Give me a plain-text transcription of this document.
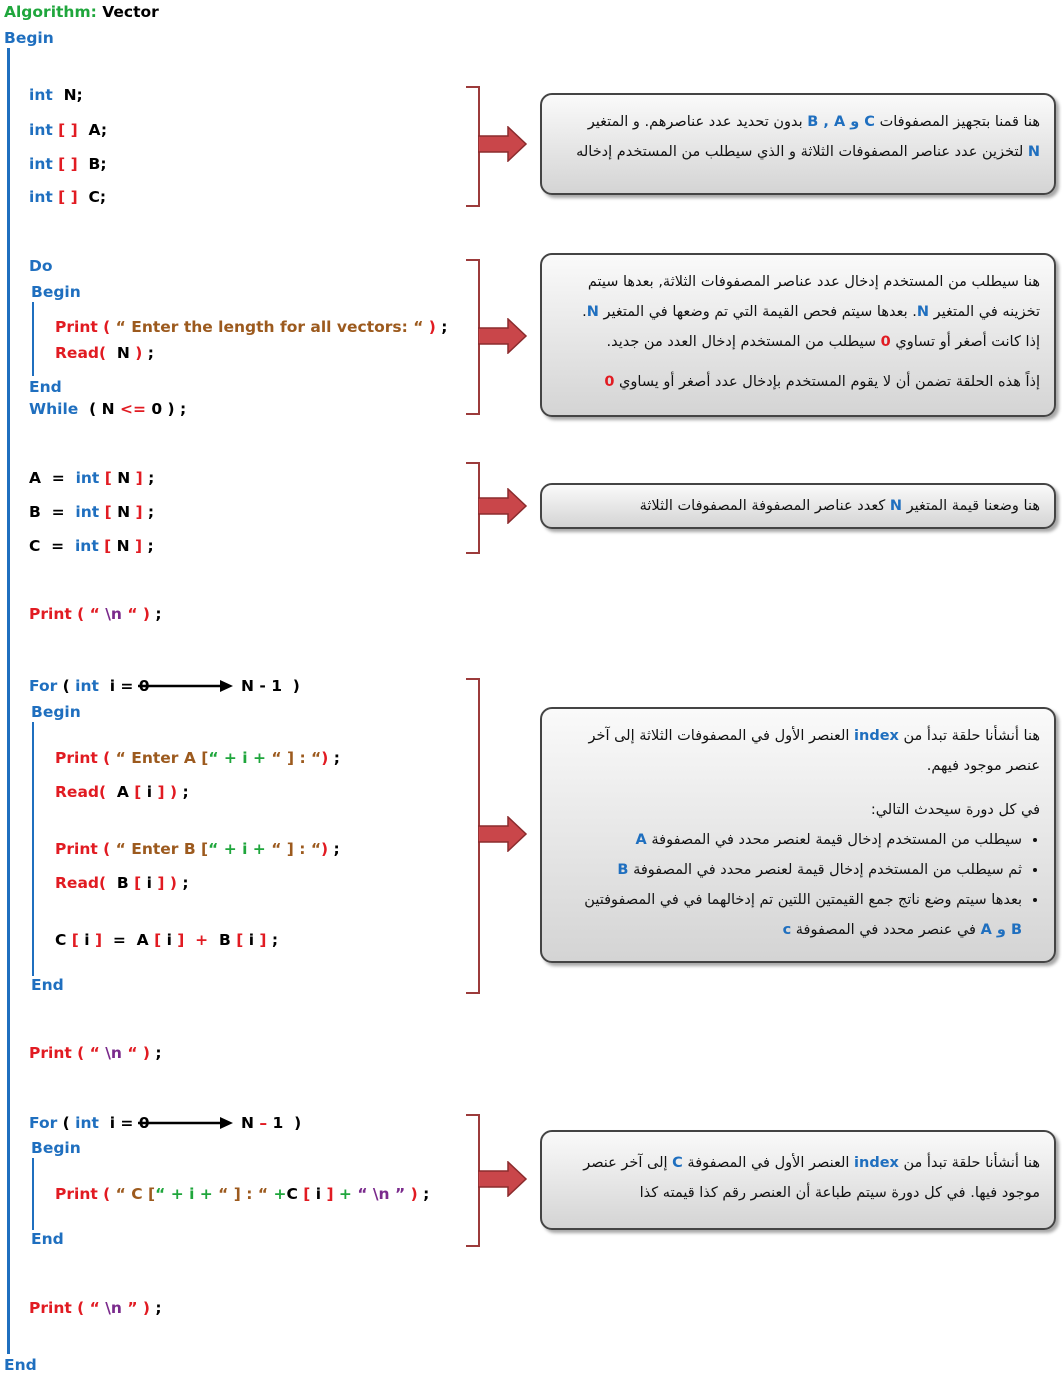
Algorithm: Vector
Begin
int N;
int [ ] A;
int [ ] B;
int [ ] C;
Do
Begin
Print ( “ Enter the length for all vectors: “ ) ;
Read(  N ) ;
End
While  ( N <= 0 ) ;
A  =  int [ N ] ;
B  =  int [ N ] ;
C  =  int [ N ] ;
Print ( “ \n “ ) ;
For ( int i = 0	N - 1  )
Begin
Print ( “ Enter A [“ + i + “ ] : “) ;
Read(  A [ i ] ) ;
Print ( “ Enter B [“ + i + “ ] : “) ;
Read(  B [ i ] ) ;
C [ i ]  =  A [ i ] + B [ i ] ;
End
Print ( “ \n “ ) ;
For ( int i = 0	N – 1  )
Begin
Print ( “ C [“ + i + “ ] : “ +C [ i ] + “ \n ” ) ;
End
Print ( “ \n ” ) ;
End
هنا قمنا بتجهيز المصفوفات C و B , A بدون تحديد عدد عناصرهم. و المتغير
N لتخزين عدد عناصر المصفوفات الثلاثة و الذي سيطلب من المستخدم إدخاله
هنا سيطلب من المستخدم إدخال عدد عناصر المصفوفات الثلاثة, بعدها سيتم
تخزينه في المتغير N. بعدها سيتم فحص القيمة التي تم وضعها في المتغير N.
إذا كانت أصغر أو تساوي 0 سيطلب من المستخدم إدخال العدد من جديد.
إذاً هذه الحلقة تضمن أن لا يقوم المستخدم بإدخال عدد أصغر أو يساوي 0
هنا وضعنا قيمة المتغير N كعدد عناصر المصفوفة المصفوفات الثلاثة
هنا أنشأنا حلقة تبدأ من index العنصر الأول في المصفوفات الثلاثة إلى آخر
عنصر موجود فيهم.
في كل دورة سيحدث التالي:
• سيطلب من المستخدم إدخال قيمة لعنصر محدد في المصفوفة A
• ثم سيطلب من المستخدم إدخال قيمة لعنصر محدد في المصفوفة B
• بعدها سيتم وضع ناتج جمع القيمتين اللتين تم إدخالهما في في المصفوفتين
B و A في عنصر محدد في المصفوفة c
هنا أنشأنا حلقة تبدأ من index العنصر الأول في المصفوفة C إلى آخر عنصر
موجود فيها. في كل دورة سيتم طباعة أن العنصر رقم كذا قيمته كذا
